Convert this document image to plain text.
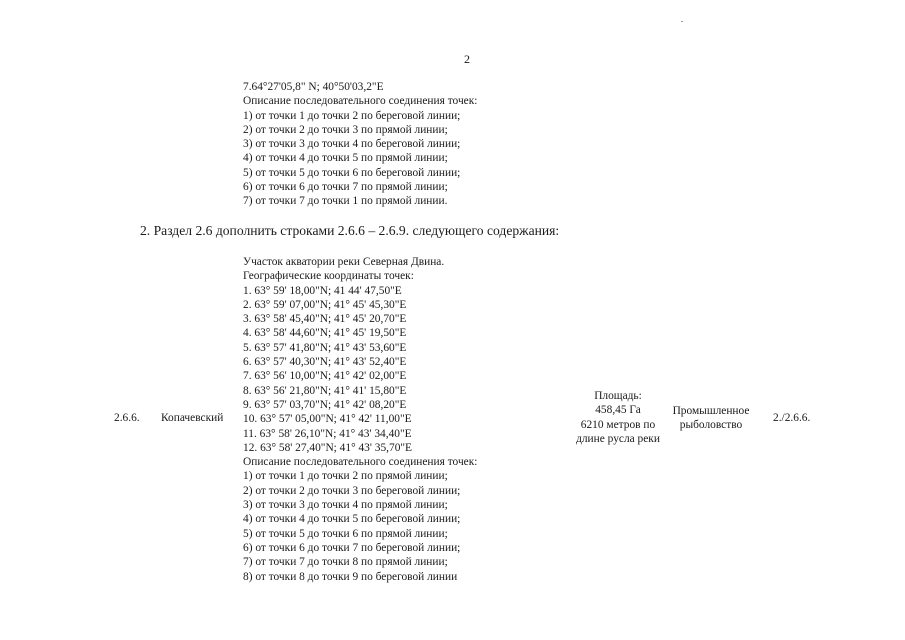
2
7.64°27'05,8" N; 40°50'03,2"E
Описание последовательного соединения точек:
1) от точки 1 до точки 2 по береговой линии;
2) от точки 2 до точки 3 по прямой линии;
3) от точки 3 до точки 4 по береговой линии;
4) от точки 4 до точки 5 по прямой линии;
5) от точки 5 до точки 6 по береговой линии;
6) от точки 6 до точки 7 по прямой линии;
7) от точки 7 до точки 1 по прямой линии.
2. Раздел 2.6 дополнить строками 2.6.6 – 2.6.9. следующего содержания:
2.6.6. Копачевский
Участок акватории реки Северная Двина.
Географические координаты точек:
1. 63° 59' 18,00"N; 41 44' 47,50"E
2. 63° 59' 07,00"N; 41° 45' 45,30"E
3. 63° 58' 45,40"N; 41° 45' 20,70"E
4. 63° 58' 44,60"N; 41° 45' 19,50"E
5. 63° 57' 41,80"N; 41° 43' 53,60"E
6. 63° 57' 40,30"N; 41° 43' 52,40"E
7. 63° 56' 10,00"N; 41° 42' 02,00"E
8. 63° 56' 21,80"N; 41° 41' 15,80"E
9. 63° 57' 03,70"N; 41° 42' 08,20"E
10. 63° 57' 05,00"N; 41° 42' 11,00"E
11. 63° 58' 26,10"N; 41° 43' 34,40"E
12. 63° 58' 27,40"N; 41° 43' 35,70"E
Описание последовательного соединения точек:
1) от точки 1 до точки 2 по прямой линии;
2) от точки 2 до точки 3 по береговой линии;
3) от точки 3 до точки 4 по прямой линии;
4) от точки 4 до точки 5 по береговой линии;
5) от точки 5 до точки 6 по прямой линии;
6) от точки 6 до точки 7 по береговой линии;
7) от точки 7 до точки 8 по прямой линии;
8) от точки 8 до точки 9 по береговой линии
Площадь:
458,45 Га
6210 метров по
длине русла реки
Промышленное
рыболовство
2./2.6.6.
